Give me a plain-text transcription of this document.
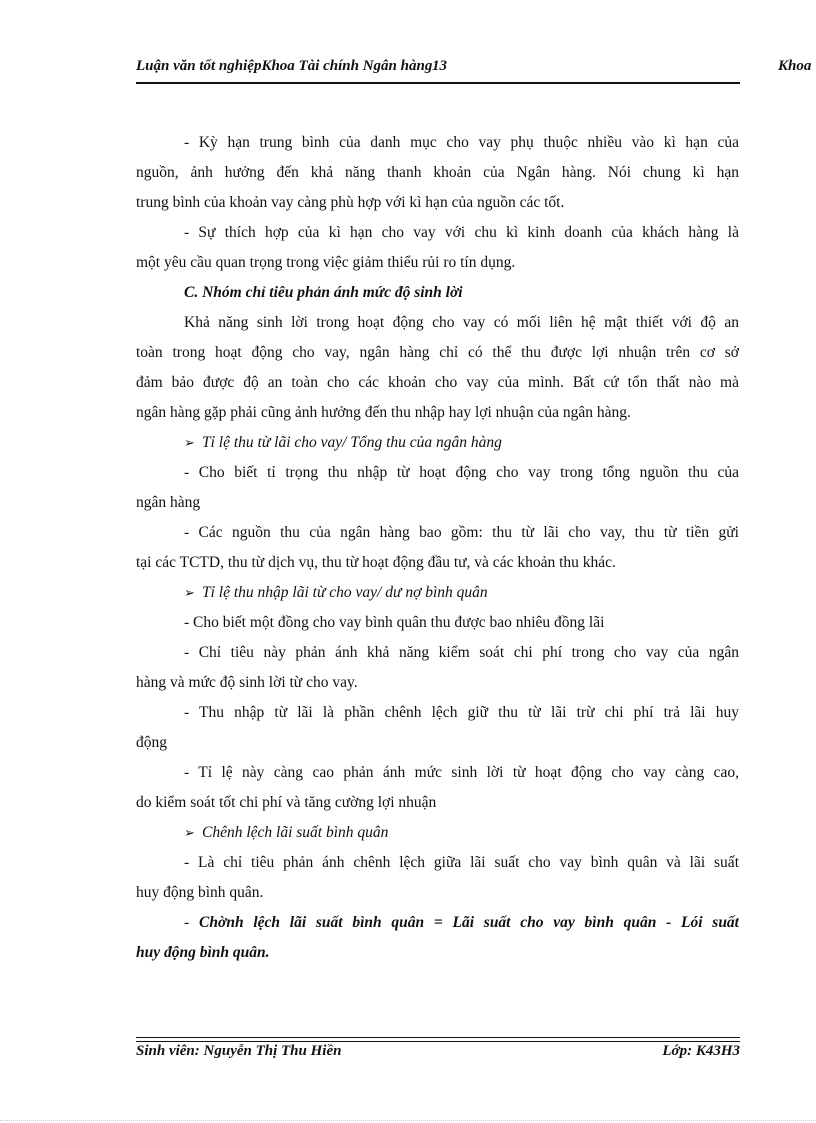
Luận văn tốt nghiệpKhoa Tài chính Ngân hàng 13	Khoa
- Kỳ hạn trung bình của danh mục cho vay phụ thuộc nhiều vào kì hạn của
nguồn, ảnh hưởng đến khả năng thanh khoản của Ngân hàng. Nói chung kì hạn
trung bình của khoản vay càng phù hợp với kì hạn của nguồn các tốt.
- Sự thích hợp của kì hạn cho vay với chu kì kinh doanh của khách hàng là
một yêu cầu quan trọng trong việc giảm thiểu rủi ro tín dụng.
C. Nhóm chỉ tiêu phản ánh mức độ sinh lời
Khả năng sinh lời trong hoạt động cho vay có mối liên hệ mật thiết với độ an
toàn trong hoạt động cho vay, ngân hàng chỉ có thể thu được lợi nhuận trên cơ sở
đảm bảo được độ an toàn cho các khoản cho vay của mình. Bất cứ tổn thất nào mà
ngân hàng gặp phải cũng ảnh hưởng đến thu nhập hay lợi nhuận của ngân hàng.
➢ Tỉ lệ thu từ lãi cho vay/ Tổng thu của ngân hàng
- Cho biết tỉ trọng thu nhập từ hoạt động cho vay trong tổng nguồn thu của
ngân hàng
- Các nguồn thu của ngân hàng bao gồm: thu từ lãi cho vay, thu từ tiền gửi
tại các TCTD, thu từ dịch vụ, thu từ hoạt động đầu tư, và các khoản thu khác.
➢ Tỉ lệ thu nhập lãi từ cho vay/ dư nợ bình quân
- Cho biết một đồng cho vay bình quân thu được bao nhiêu đồng lãi
- Chỉ tiêu này phản ánh khả năng kiểm soát chi phí trong cho vay của ngân
hàng và mức độ sinh lời từ cho vay.
- Thu nhập từ lãi là phần chênh lệch giữ thu từ lãi trừ chi phí trả lãi huy
động
- Tỉ lệ này càng cao phản ánh mức sinh lời từ hoạt động cho vay càng cao,
do kiểm soát tốt chi phí và tăng cường lợi nhuận
➢ Chênh lệch lãi suất bình quân
- Là chỉ tiêu phản ánh chênh lệch giữa lãi suất cho vay bình quân và lãi suất
huy động bình quân.
- Chờnh lệch lãi suất bình quân = Lãi suất cho vay bình quân - Lói suất
huy động bình quân.
Sinh viên: Nguyễn Thị Thu Hiền	Lớp: K43H3
